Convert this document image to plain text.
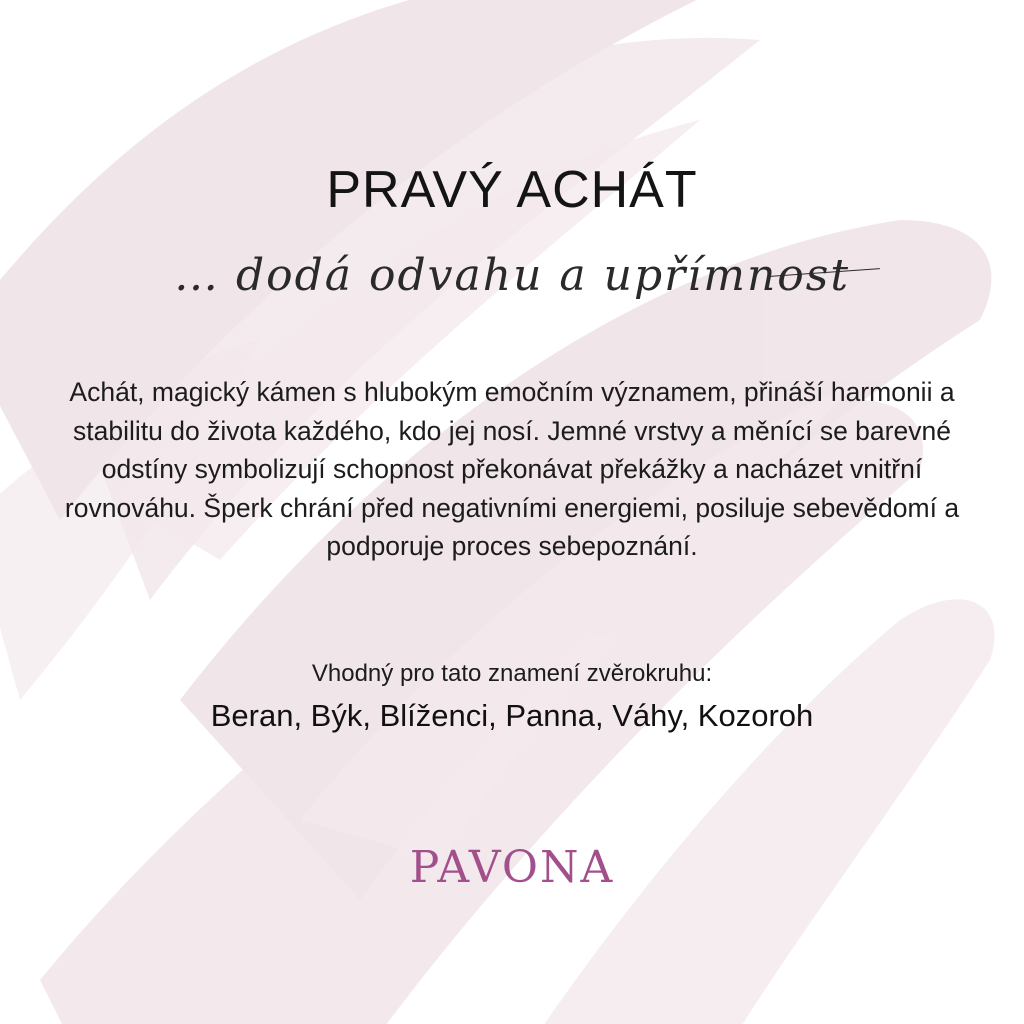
PRAVÝ ACHÁT
… dodá odvahu a upřímnost
Achát, magický kámen s hlubokým emočním významem, přináší harmonii a stabilitu do života každého, kdo jej nosí. Jemné vrstvy a měnící se barevné odstíny symbolizují schopnost překonávat překážky a nacházet vnitřní rovnováhu. Šperk chrání před negativními energiemi, posiluje sebevědomí a podporuje proces sebepoznání.
Vhodný pro tato znamení zvěrokruhu:
Beran, Býk, Blíženci, Panna, Váhy, Kozoroh
PAVONA
